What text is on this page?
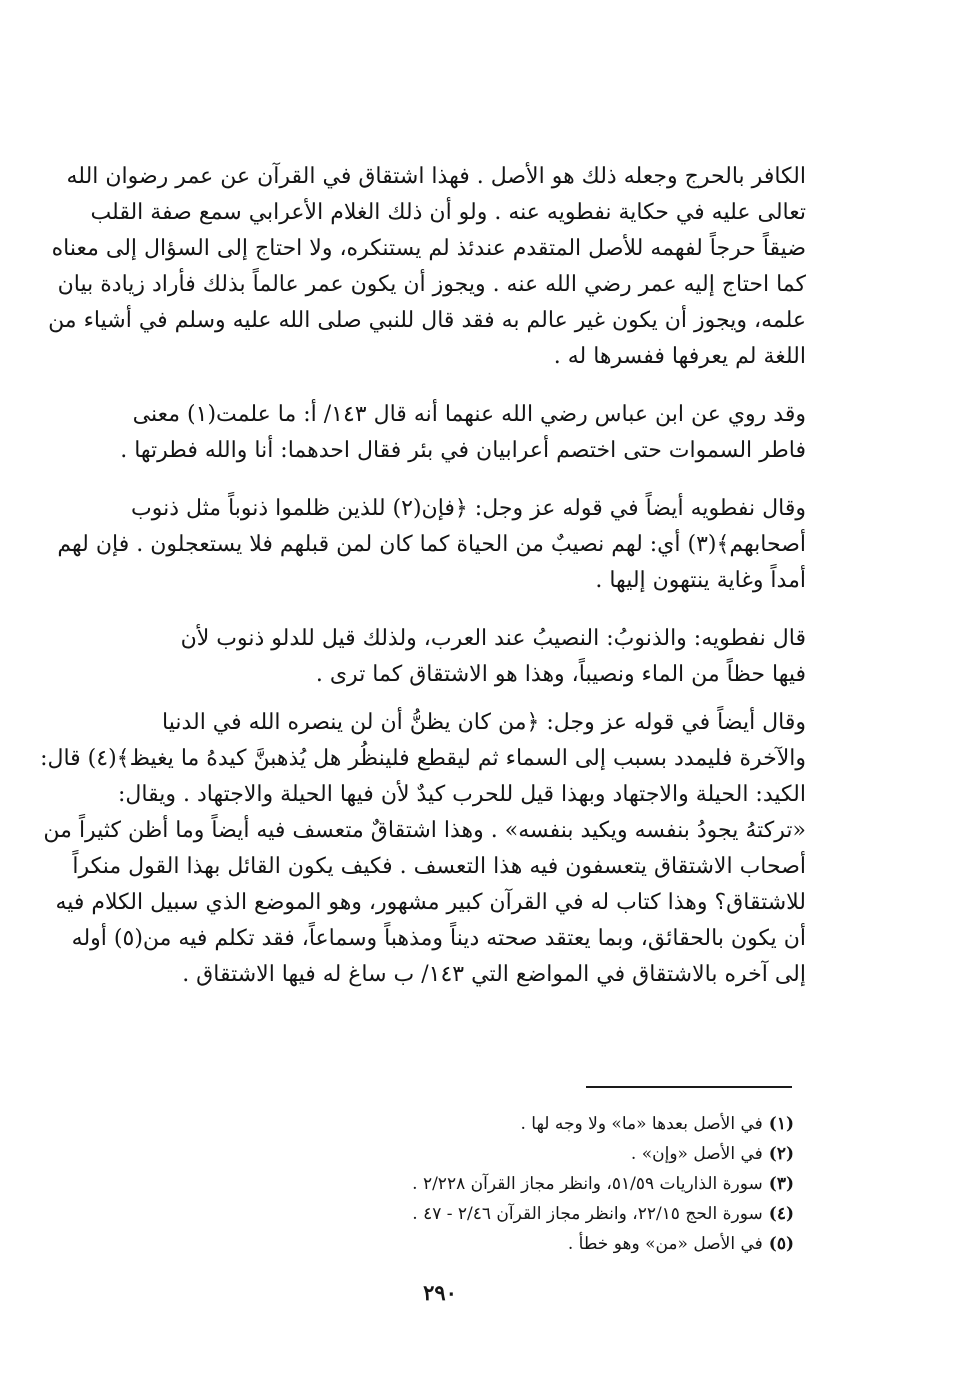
الكافر بالحرج وجعله ذلك هو الأصل . فهذا اشتقاق في القرآن عن عمر رضوان الله
تعالى عليه في حكاية نفطويه عنه . ولو أن ذلك الغلام الأعرابي سمع صفة القلب
ضيقاً حرجاً لفهمه للأصل المتقدم عندئذ لم يستنكره، ولا احتاج إلى السؤال إلى معناه
كما احتاج إليه عمر رضي الله عنه . ويجوز أن يكون عمر عالماً بذلك فأراد زيادة بيان
علمه، ويجوز أن يكون غير عالم به فقد قال للنبي صلى الله عليه وسلم في أشياء من
اللغة لم يعرفها ففسرها له .
وقد روي عن ابن عباس رضي الله عنهما أنه قال ١٤٣/ أ: ما علمت(١) معنى
فاطر السموات حتى اختصم أعرابيان في بئر فقال احدهما: أنا والله فطرتها .
وقال نفطويه أيضاً في قوله عز وجل: ﴿فإن(٢) للذين ظلموا ذنوباً مثل ذنوب
أصحابهم﴾(٣) أي: لهم نصيبٌ من الحياة كما كان لمن قبلهم فلا يستعجلون . فإن لهم
أمداً وغاية ينتهون إليها .
قال نفطويه: والذنوبُ: النصيبُ عند العرب، ولذلك قيل للدلو ذنوب لأن
فيها حظاً من الماء ونصيباً، وهذا هو الاشتقاق كما ترى .
وقال أيضاً في قوله عز وجل: ﴿من كان يظنُّ أن لن ينصره الله في الدنيا
والآخرة فليمدد بسبب إلى السماء ثم ليقطع فلينظُر هل يُذهبنَّ كيدهُ ما يغيظ﴾(٤) قال:
الكيد: الحيلة والاجتهاد وبهذا قيل للحرب كيدٌ لأن فيها الحيلة والاجتهاد . ويقال:
«تركتهُ يجودُ بنفسه ويكيد بنفسه» . وهذا اشتقاقٌ متعسف فيه أيضاً وما أظن كثيراً من
أصحاب الاشتقاق يتعسفون فيه هذا التعسف . فكيف يكون القائل بهذا القول منكراً
للاشتقاق؟ وهذا كتاب له في القرآن كبير مشهور، وهو الموضع الذي سبيل الكلام فيه
أن يكون بالحقائق، وبما يعتقد صحته ديناً ومذهباً وسماعاً، فقد تكلم فيه من(٥) أوله
إلى آخره بالاشتقاق في المواضع التي ١٤٣/ ب ساغ له فيها الاشتقاق .
(١)في الأصل بعدها «ما» ولا وجه لها .
(٢)في الأصل «وإن» .
(٣)سورة الذاريات ٥١/٥٩، وانظر مجاز القرآن ٢/٢٢٨ .
(٤)سورة الحج ٢٢/١٥، وانظر مجاز القرآن ٢/٤٦ - ٤٧ .
(٥)في الأصل «من» وهو خطأ .
٢٩٠
